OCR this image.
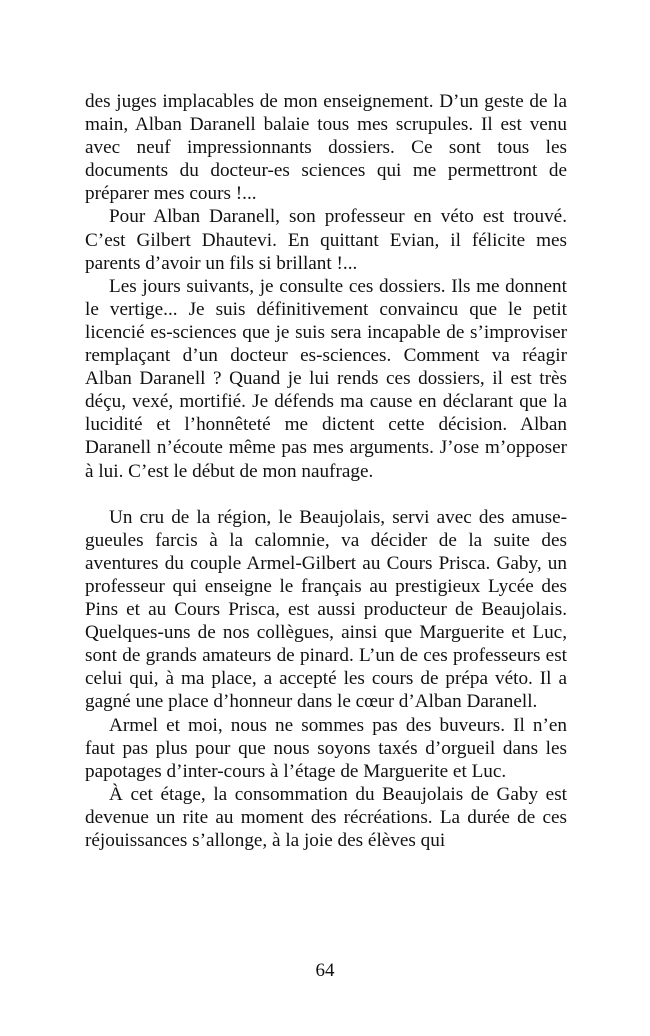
des juges implacables de mon enseignement. D’un geste de la main, Alban Daranell balaie tous mes scrupules. Il est venu avec neuf impressionnants dossiers. Ce sont tous les documents du docteur-es sciences qui me permettront de préparer mes cours !...

Pour Alban Daranell, son professeur en véto est trouvé. C’est Gilbert Dhautevi. En quittant Evian, il félicite mes parents d’avoir un fils si brillant !...

Les jours suivants, je consulte ces dossiers. Ils me donnent le vertige... Je suis définitivement convaincu que le petit licencié es-sciences que je suis sera incapable de s’improviser remplaçant d’un docteur es-sciences. Comment va réagir Alban Daranell ? Quand je lui rends ces dossiers, il est très déçu, vexé, mortifié. Je défends ma cause en déclarant que la lucidité et l’honnêteté me dictent cette décision. Alban Daranell n’écoute même pas mes arguments. J’ose m’opposer à lui. C’est le début de mon naufrage.

Un cru de la région, le Beaujolais, servi avec des amuse-gueules farcis à la calomnie, va décider de la suite des aventures du couple Armel-Gilbert au Cours Prisca. Gaby, un professeur qui enseigne le français au prestigieux Lycée des Pins et au Cours Prisca, est aussi producteur de Beaujolais. Quelques-uns de nos collègues, ainsi que Marguerite et Luc, sont de grands amateurs de pinard. L’un de ces professeurs est celui qui, à ma place, a accepté les cours de prépa véto. Il a gagné une place d’honneur dans le cœur d’Alban Daranell.

Armel et moi, nous ne sommes pas des buveurs. Il n’en faut pas plus pour que nous soyons taxés d’orgueil dans les papotages d’inter-cours à l’étage de Marguerite et Luc.

À cet étage, la consommation du Beaujolais de Gaby est devenue un rite au moment des récréations. La durée de ces réjouissances s’allonge, à la joie des élèves qui

64
